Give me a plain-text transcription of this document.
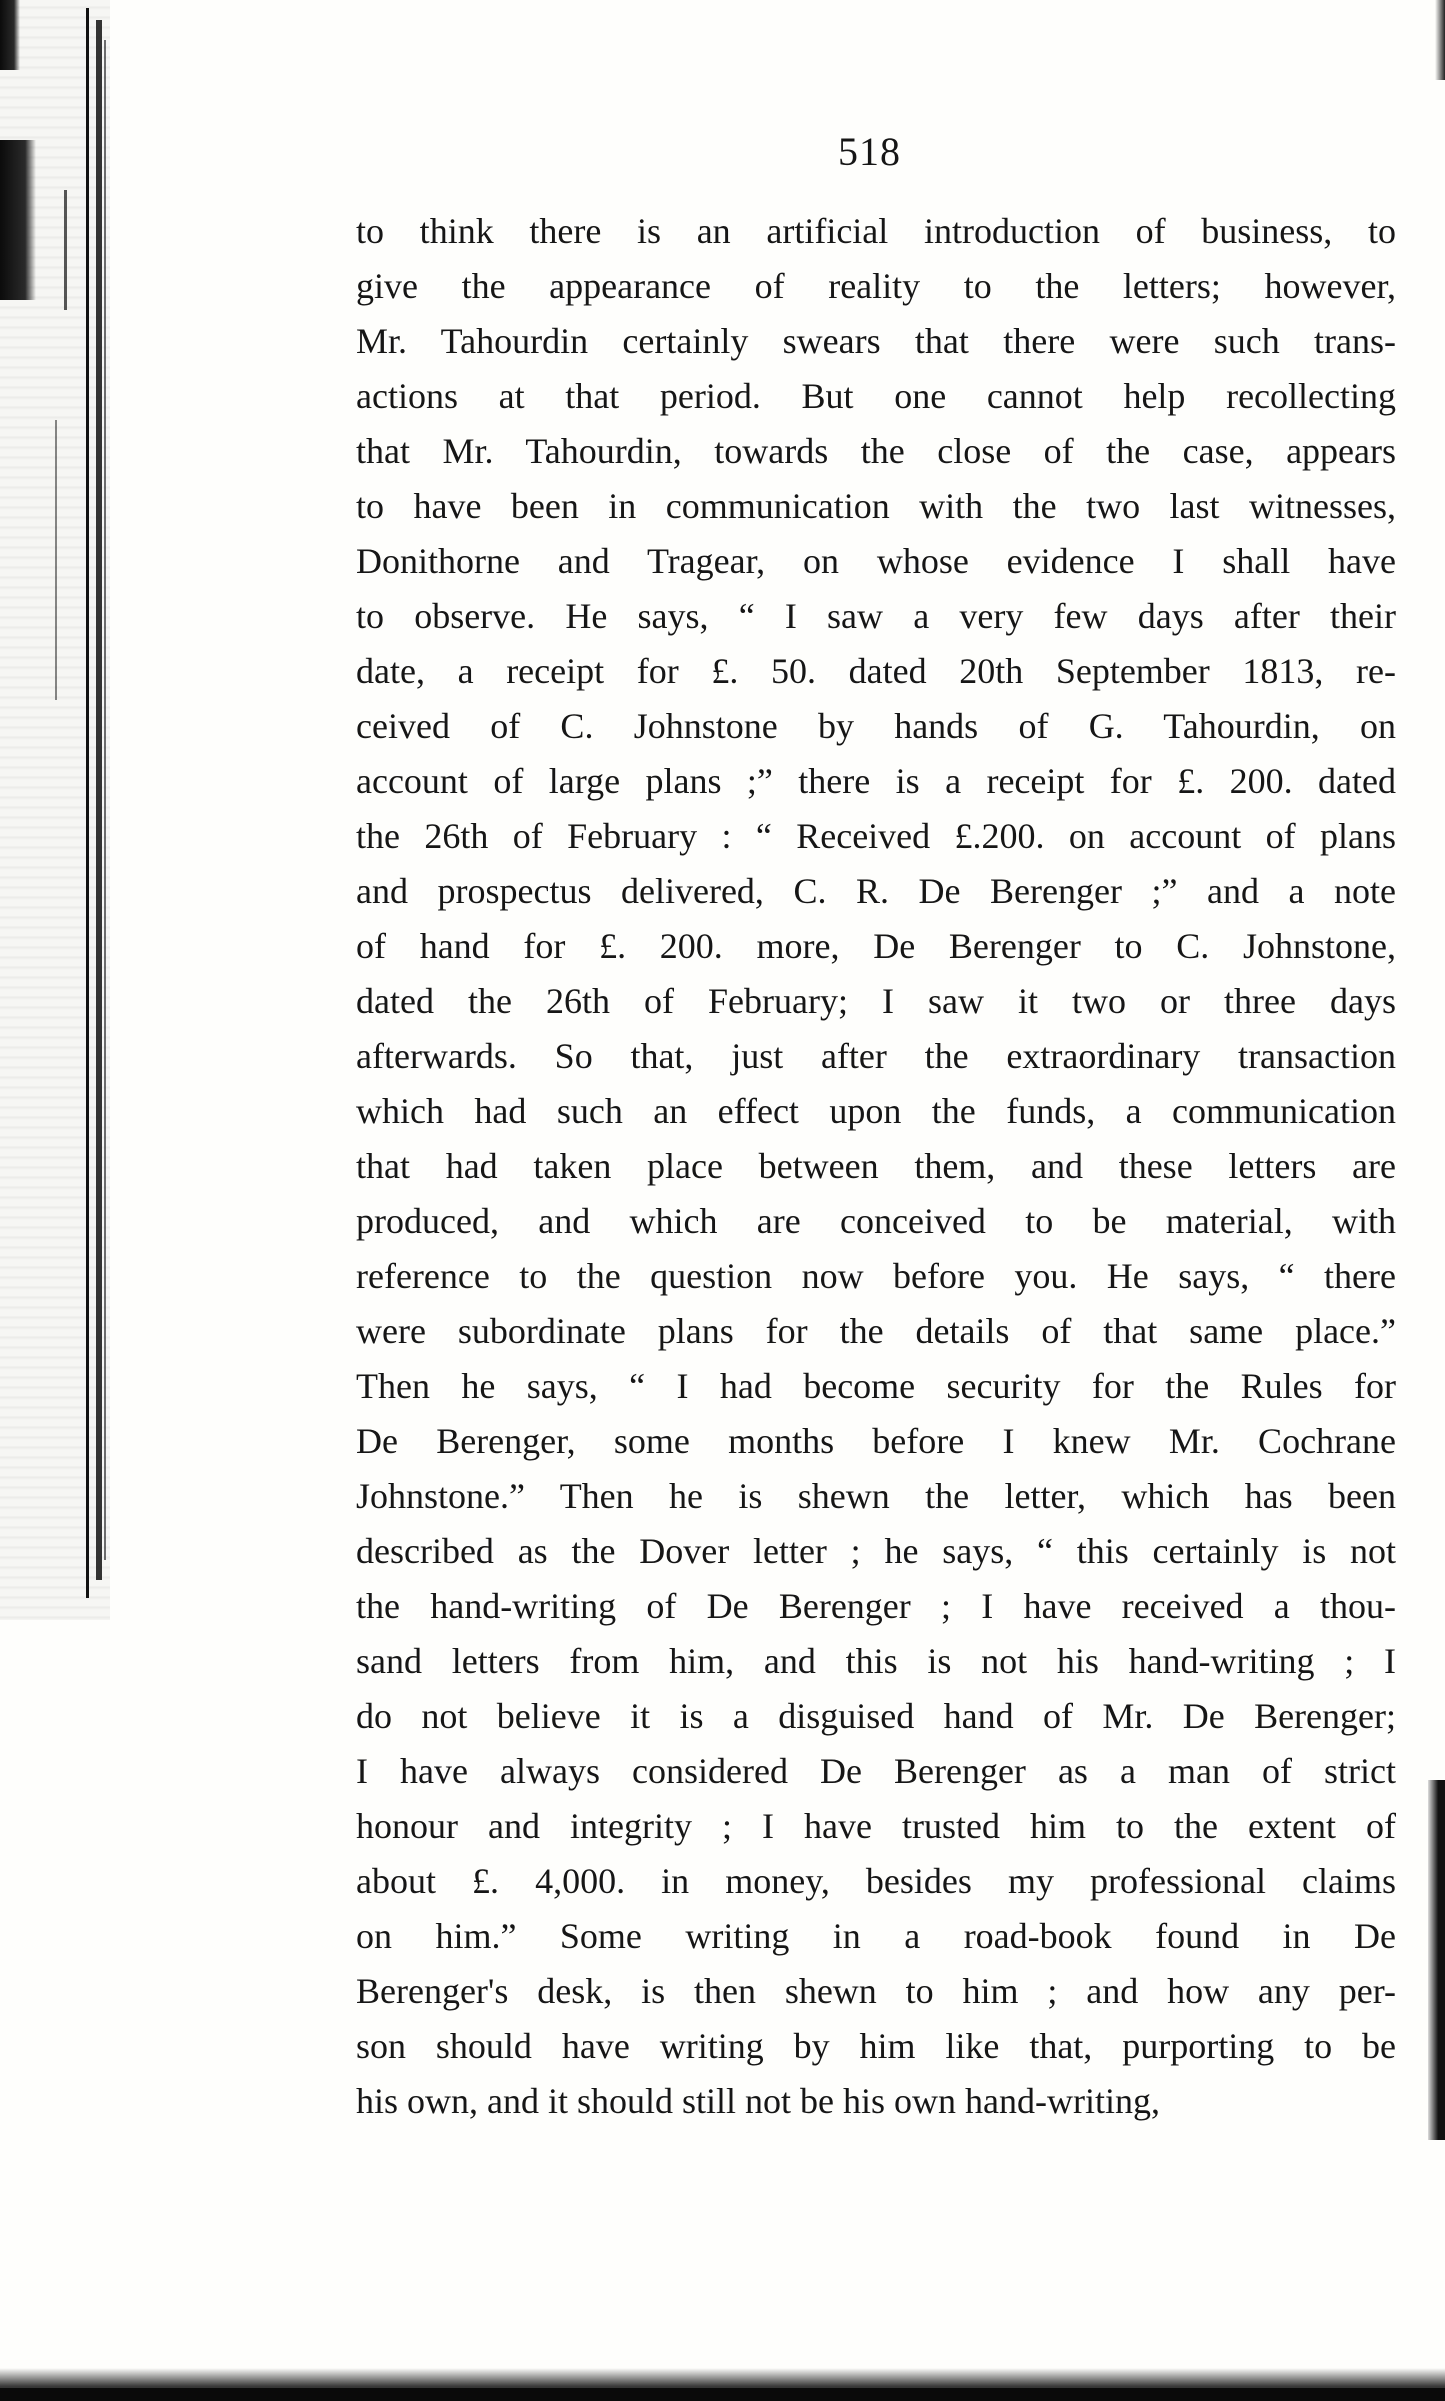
518
to think there is an artificial introduction of business, to
give the appearance of reality to the letters; however,
Mr. Tahourdin certainly swears that there were such trans-
actions at that period. But one cannot help recollecting
that Mr. Tahourdin, towards the close of the case, appears
to have been in communication with the two last witnesses,
Donithorne and Tragear, on whose evidence I shall have
to observe. He says, “ I saw a very few days after their
date, a receipt for £. 50. dated 20th September 1813, re-
ceived of C. Johnstone by hands of G. Tahourdin, on
account of large plans ;” there is a receipt for £. 200. dated
the 26th of February : “ Received £.200. on account of plans
and prospectus delivered, C. R. De Berenger ;” and a note
of hand for £. 200. more, De Berenger to C. Johnstone,
dated the 26th of February; I saw it two or three days
afterwards. So that, just after the extraordinary transaction
which had such an effect upon the funds, a communication
that had taken place between them, and these letters are
produced, and which are conceived to be material, with
reference to the question now before you. He says, “ there
were subordinate plans for the details of that same place.”
Then he says, “ I had become security for the Rules for
De Berenger, some months before I knew Mr. Cochrane
Johnstone.” Then he is shewn the letter, which has been
described as the Dover letter ; he says, “ this certainly is not
the hand-writing of De Berenger ; I have received a thou-
sand letters from him, and this is not his hand-writing ; I
do not believe it is a disguised hand of Mr. De Berenger;
I have always considered De Berenger as a man of strict
honour and integrity ; I have trusted him to the extent of
about £. 4,000. in money, besides my professional claims
on him.” Some writing in a road-book found in De
Berenger's desk, is then shewn to him ; and how any per-
son should have writing by him like that, purporting to be
his own, and it should still not be his own hand-writing,
